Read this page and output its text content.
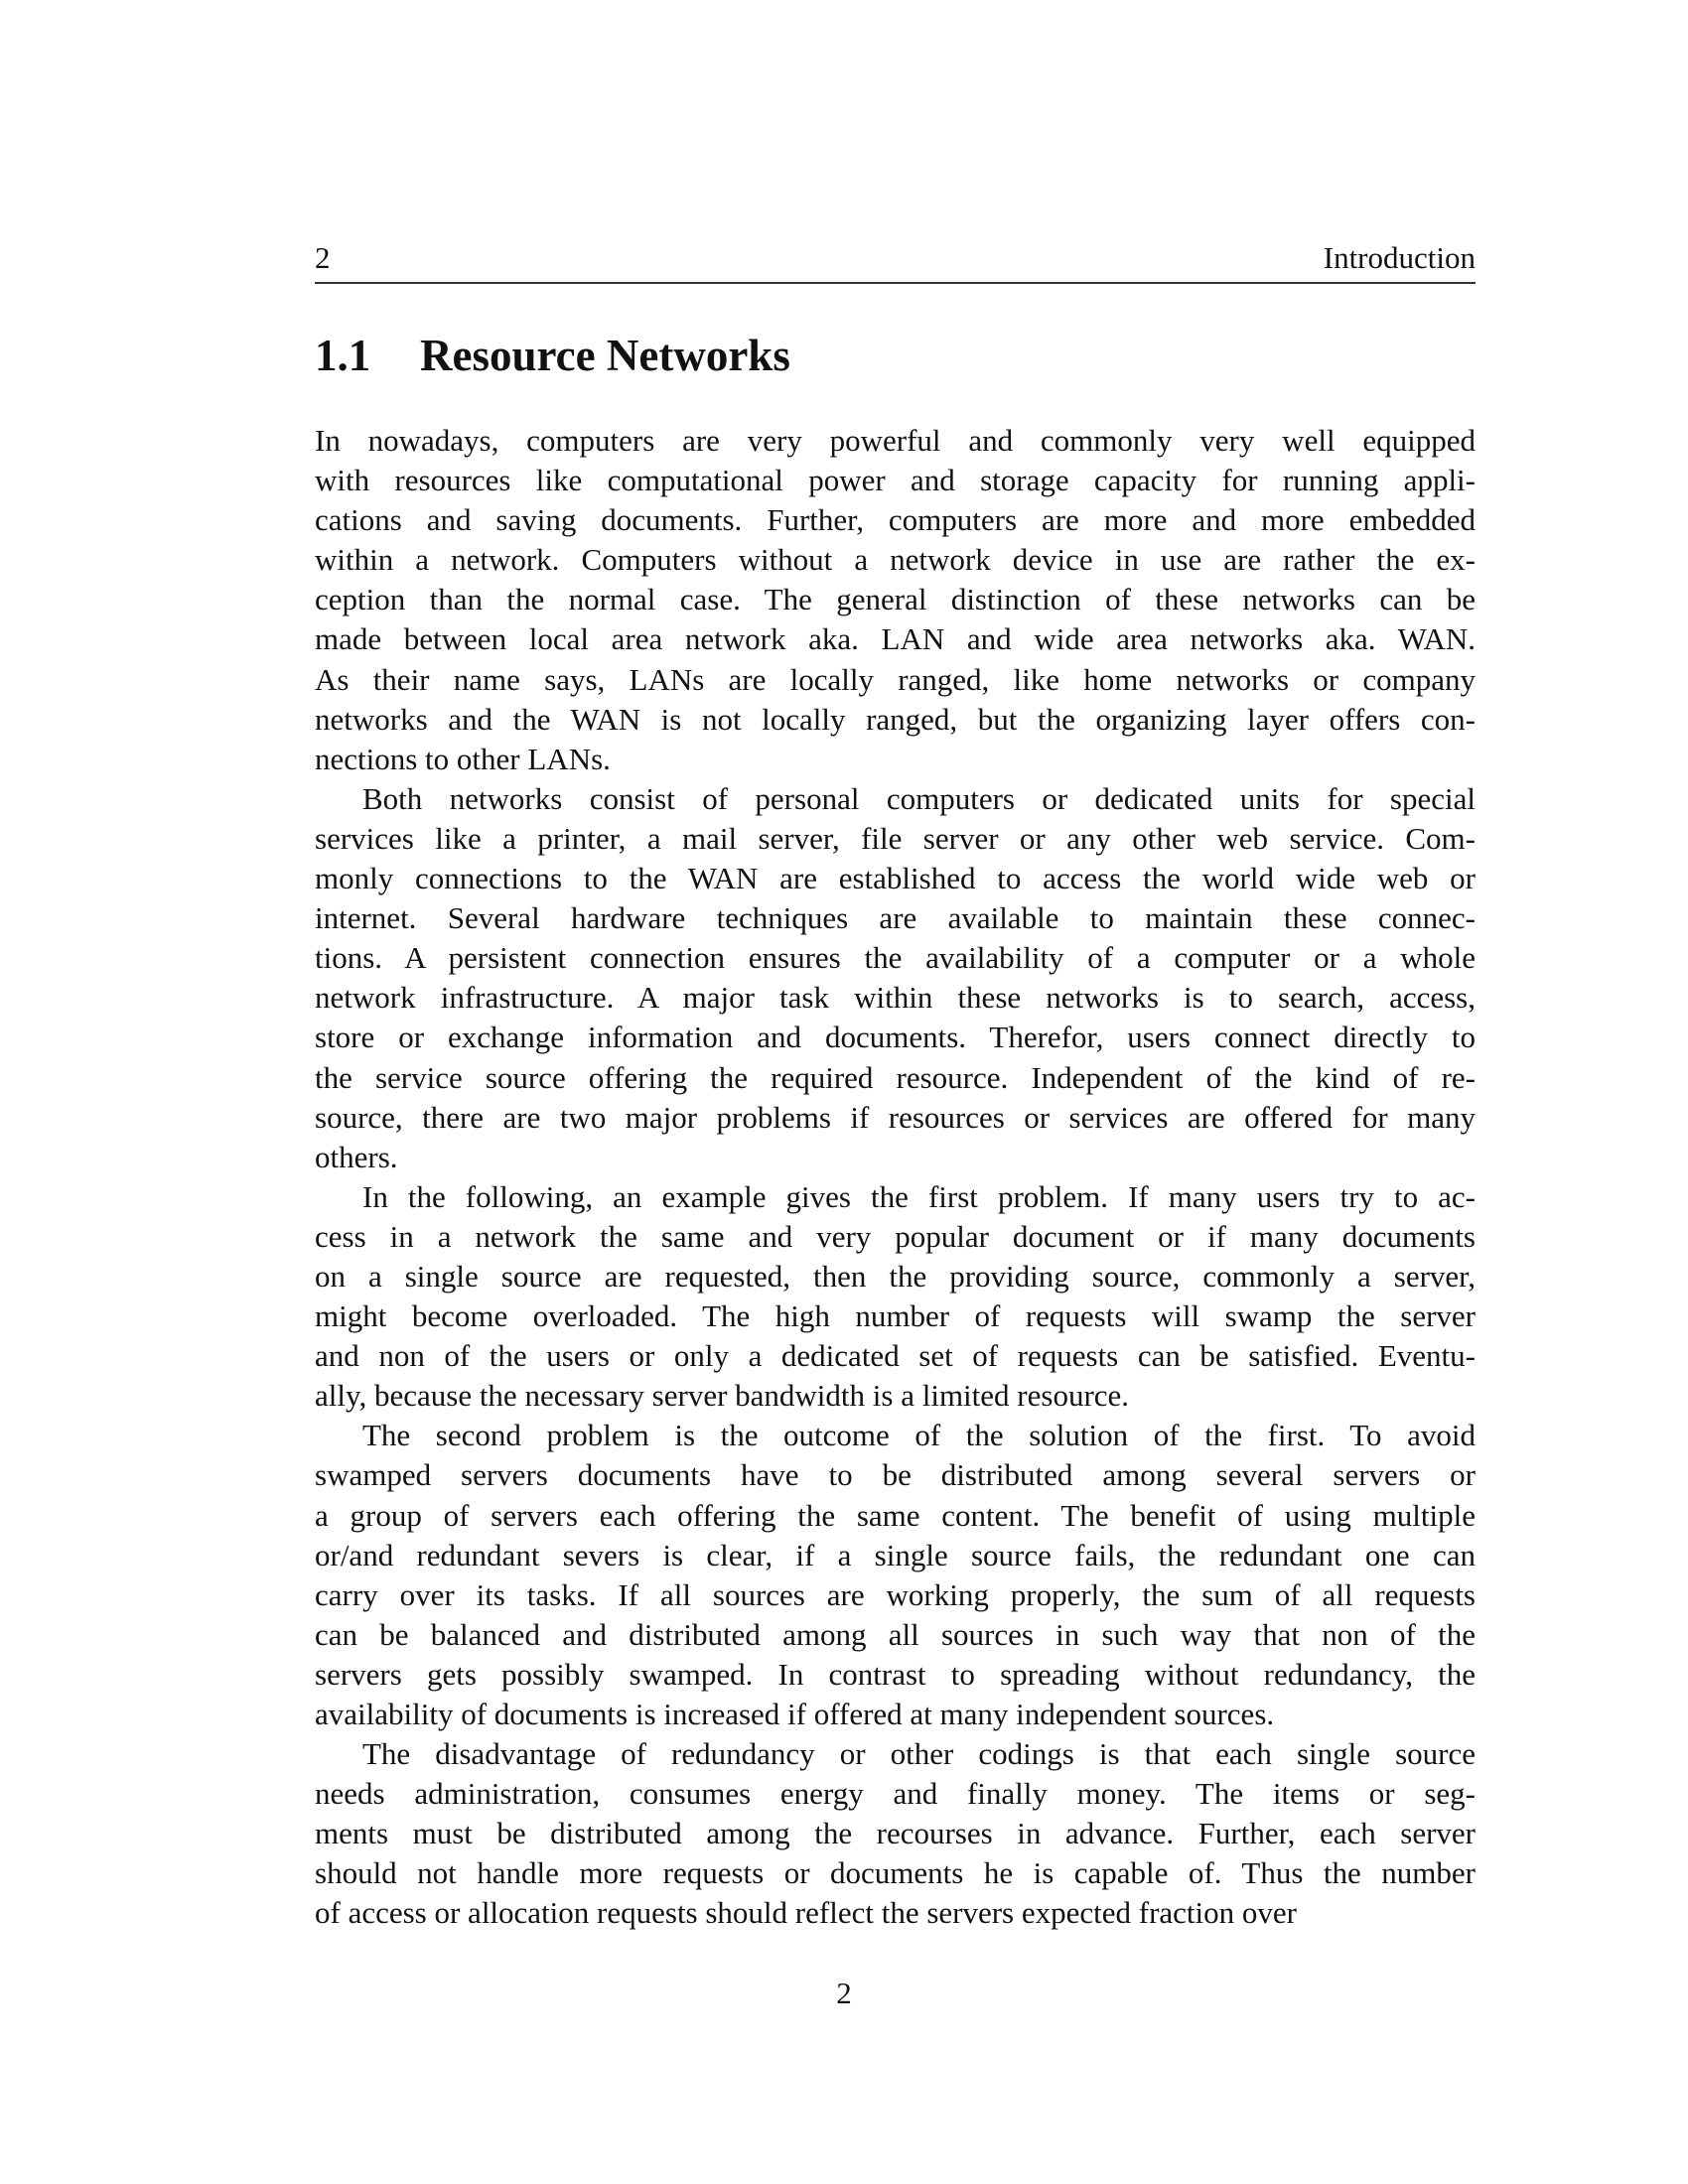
2	Introduction
1.1 Resource Networks
In nowadays, computers are very powerful and commonly very well equipped
with resources like computational power and storage capacity for running appli-
cations and saving documents. Further, computers are more and more embedded
within a network. Computers without a network device in use are rather the ex-
ception than the normal case. The general distinction of these networks can be
made between local area network aka. LAN and wide area networks aka. WAN.
As their name says, LANs are locally ranged, like home networks or company
networks and the WAN is not locally ranged, but the organizing layer offers con-
nections to other LANs.
Both networks consist of personal computers or dedicated units for special
services like a printer, a mail server, file server or any other web service. Com-
monly connections to the WAN are established to access the world wide web or
internet. Several hardware techniques are available to maintain these connec-
tions. A persistent connection ensures the availability of a computer or a whole
network infrastructure. A major task within these networks is to search, access,
store or exchange information and documents. Therefor, users connect directly to
the service source offering the required resource. Independent of the kind of re-
source, there are two major problems if resources or services are offered for many
others.
In the following, an example gives the first problem. If many users try to ac-
cess in a network the same and very popular document or if many documents
on a single source are requested, then the providing source, commonly a server,
might become overloaded. The high number of requests will swamp the server
and non of the users or only a dedicated set of requests can be satisfied. Eventu-
ally, because the necessary server bandwidth is a limited resource.
The second problem is the outcome of the solution of the first. To avoid
swamped servers documents have to be distributed among several servers or
a group of servers each offering the same content. The benefit of using multiple
or/and redundant severs is clear, if a single source fails, the redundant one can
carry over its tasks. If all sources are working properly, the sum of all requests
can be balanced and distributed among all sources in such way that non of the
servers gets possibly swamped. In contrast to spreading without redundancy, the
availability of documents is increased if offered at many independent sources.
The disadvantage of redundancy or other codings is that each single source
needs administration, consumes energy and finally money. The items or seg-
ments must be distributed among the recourses in advance. Further, each server
should not handle more requests or documents he is capable of. Thus the number
of access or allocation requests should reflect the servers expected fraction over
2
